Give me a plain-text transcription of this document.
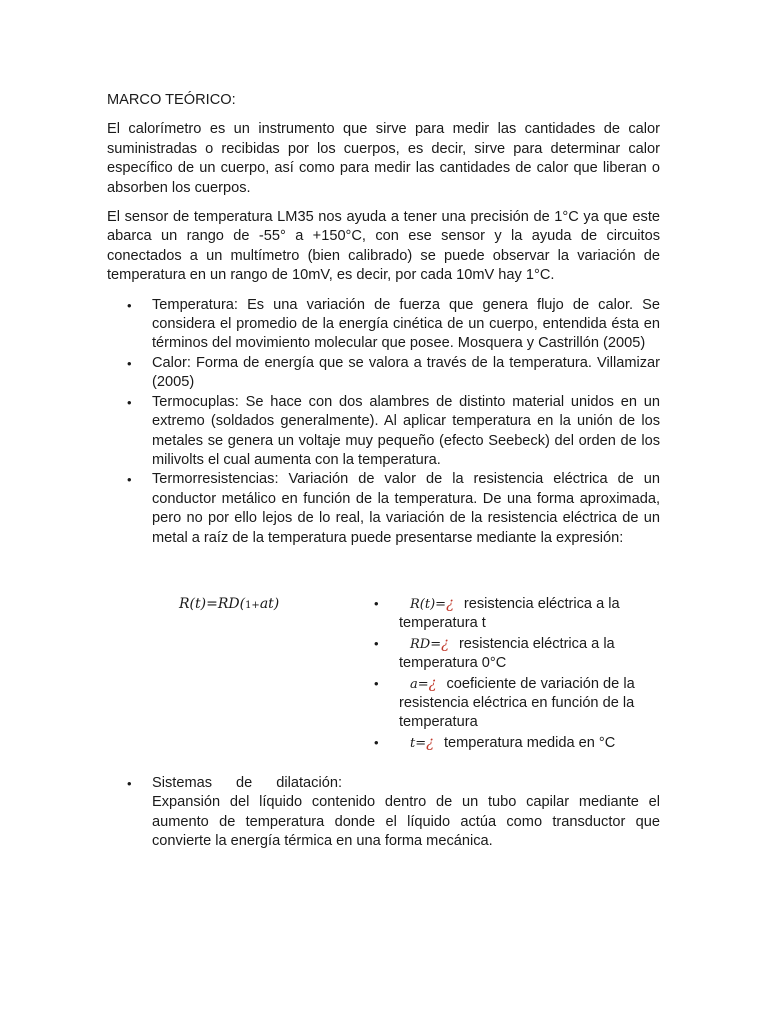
MARCO TEÓRICO:

El calorímetro es un instrumento que sirve para medir las cantidades de calor suministradas o recibidas por los cuerpos, es decir, sirve para determinar calor específico de un cuerpo, así como para medir las cantidades de calor que liberan o absorben los cuerpos.

El sensor de temperatura LM35 nos ayuda a tener una precisión de 1°C ya que este abarca un rango de -55° a +150°C, con ese sensor y la ayuda de circuitos conectados a un multímetro (bien calibrado) se puede observar la variación de temperatura en un rango de 10mV, es decir, por cada 10mV hay 1°C.

• Temperatura: Es una variación de fuerza que genera flujo de calor. Se considera el promedio de la energía cinética de un cuerpo, entendida ésta en términos del movimiento molecular que posee. Mosquera y Castrillón (2005)
• Calor: Forma de energía que se valora a través de la temperatura. Villamizar (2005)
• Termocuplas: Se hace con dos alambres de distinto material unidos en un extremo (soldados generalmente). Al aplicar temperatura en la unión de los metales se genera un voltaje muy pequeño (efecto Seebeck) del orden de los milivolts el cual aumenta con la temperatura.
• Termorresistencias: Variación de valor de la resistencia eléctrica de un conductor metálico en función de la temperatura. De una forma aproximada, pero no por ello lejos de lo real, la variación de la resistencia eléctrica de un metal a raíz de la temperatura puede presentarse mediante la expresión:
R(t)=RD(1+at)
•	R(t)=¿ resistencia eléctrica a la temperatura t
• RD=¿ resistencia eléctrica a la temperatura 0°C
• a=¿ coeficiente de variación de la resistencia eléctrica en función de la temperatura
• t=¿ temperatura medida en °C
• Sistemas de dilatación:
Expansión del líquido contenido dentro de un tubo capilar mediante el aumento de temperatura donde el líquido actúa como transductor que convierte la energía térmica en una forma mecánica.
